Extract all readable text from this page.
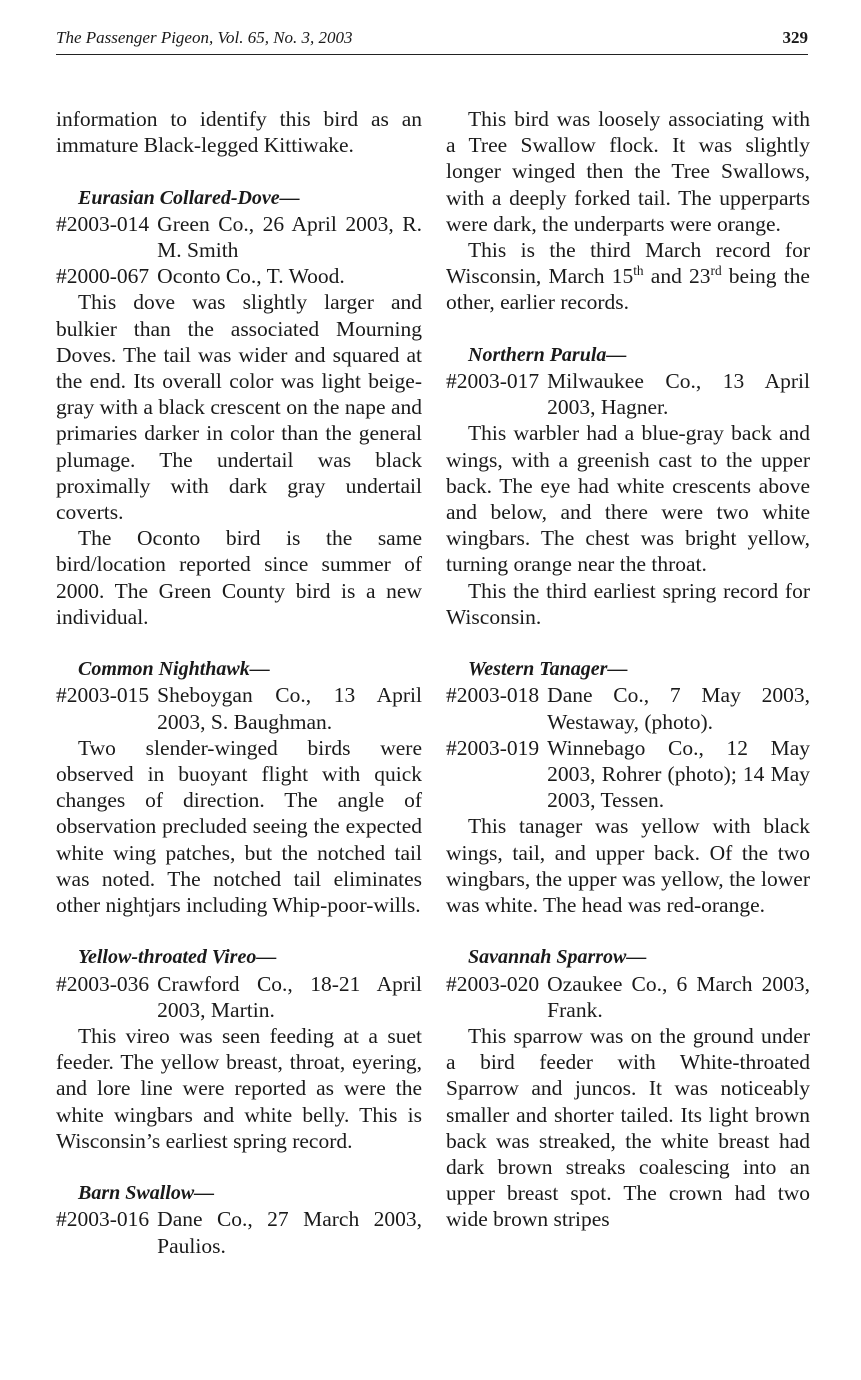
The Passenger Pigeon, Vol. 65, No. 3, 2003	329

information to identify this bird as an immature Black-legged Kittiwake.

Eurasian Collared-Dove—
#2003-014 Green Co., 26 April 2003, R. M. Smith
#2000-067 Oconto Co., T. Wood.

This dove was slightly larger and bulkier than the associated Mourning Doves. The tail was wider and squared at the end. Its overall color was light beige-gray with a black crescent on the nape and primaries darker in color than the general plumage. The undertail was black proximally with dark gray undertail coverts.

The Oconto bird is the same bird/location reported since summer of 2000. The Green County bird is a new individual.

Common Nighthawk—
#2003-015 Sheboygan Co., 13 April 2003, S. Baughman.

Two slender-winged birds were observed in buoyant flight with quick changes of direction. The angle of observation precluded seeing the expected white wing patches, but the notched tail was noted. The notched tail eliminates other nightjars including Whip-poor-wills.

Yellow-throated Vireo—
#2003-036 Crawford Co., 18-21 April 2003, Martin.

This vireo was seen feeding at a suet feeder. The yellow breast, throat, eyering, and lore line were reported as were the white wingbars and white belly. This is Wisconsin’s earliest spring record.

Barn Swallow—
#2003-016 Dane Co., 27 March 2003, Paulios.

This bird was loosely associating with a Tree Swallow flock. It was slightly longer winged then the Tree Swallows, with a deeply forked tail. The upperparts were dark, the underparts were orange.

This is the third March record for Wisconsin, March 15th and 23rd being the other, earlier records.

Northern Parula—
#2003-017 Milwaukee Co., 13 April 2003, Hagner.

This warbler had a blue-gray back and wings, with a greenish cast to the upper back. The eye had white crescents above and below, and there were two white wingbars. The chest was bright yellow, turning orange near the throat.

This the third earliest spring record for Wisconsin.

Western Tanager—
#2003-018 Dane Co., 7 May 2003, Westaway, (photo).
#2003-019 Winnebago Co., 12 May 2003, Rohrer (photo); 14 May 2003, Tessen.

This tanager was yellow with black wings, tail, and upper back. Of the two wingbars, the upper was yellow, the lower was white. The head was red-orange.

Savannah Sparrow—
#2003-020 Ozaukee Co., 6 March 2003, Frank.

This sparrow was on the ground under a bird feeder with White-throated Sparrow and juncos. It was noticeably smaller and shorter tailed. Its light brown back was streaked, the white breast had dark brown streaks coalescing into an upper breast spot. The crown had two wide brown stripes
